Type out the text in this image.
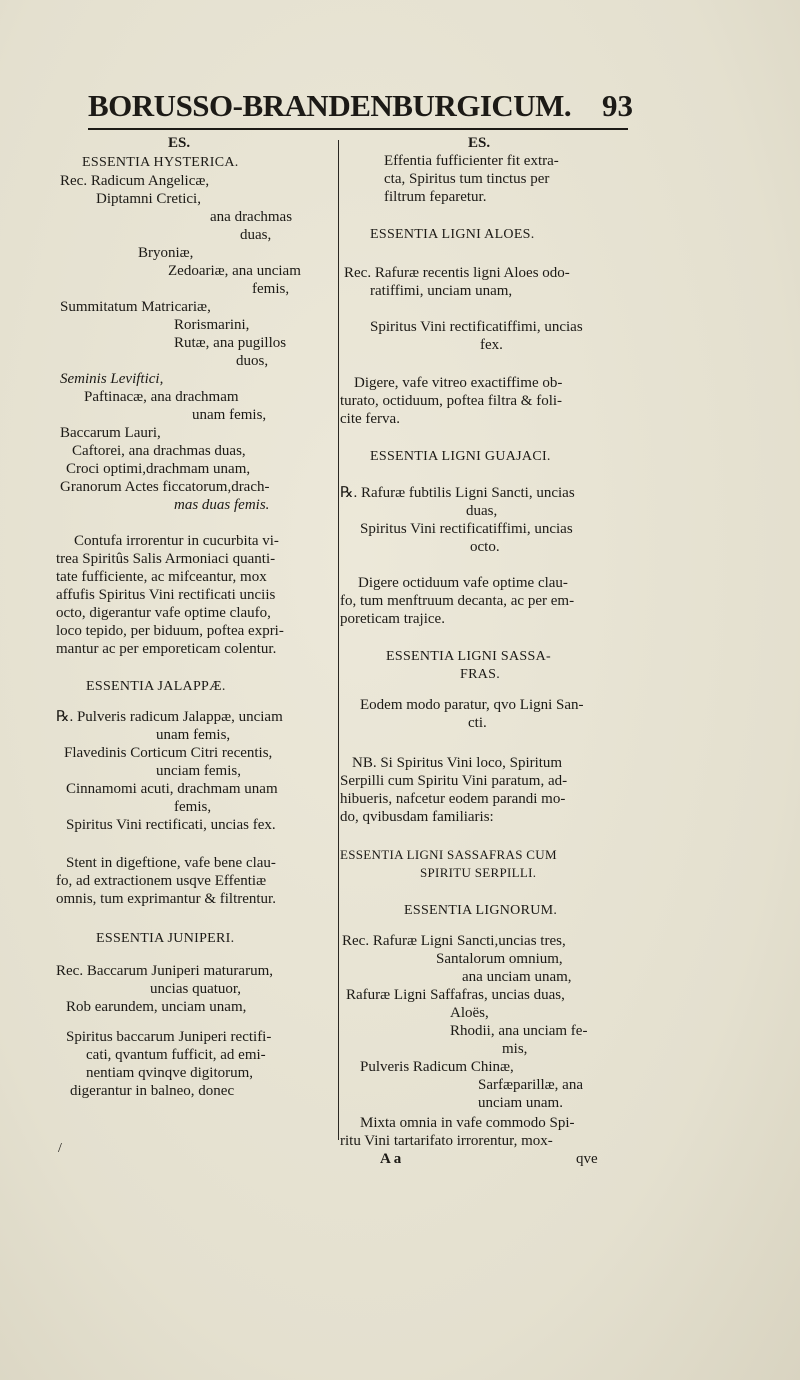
BORUSSO-BRANDENBURGICUM. 93
ES.
ESSENTIA HYSTERICA.
Rec. Radicum Angelicæ,
Diptamni Cretici,
ana drachmas
duas,
Bryoniæ,
Zedoariæ, ana unciam
femis,
Summitatum Matricariæ,
Rorismarini,
Rutæ, ana pugillos
duos,
Seminis Leviftici,
Paftinacæ, ana drachmam
unam femis,
Baccarum Lauri,
Caftorei, ana drachmas duas,
Croci optimi,drachmam unam,
Granorum Actes ficcatorum,drach-
mas duas femis.
Contufa irrorentur in cucurbita vi-
trea Spiritûs Salis Armoniaci quanti-
tate fufficiente, ac mifceantur, mox
affufis Spiritus Vini rectificati unciis
octo, digerantur vafe optime claufo,
loco tepido, per biduum, poftea expri-
mantur ac per emporeticam colentur.
ESSENTIA JALAPPÆ.
℞. Pulveris radicum Jalappæ, unciam
unam femis,
Flavedinis Corticum Citri recentis,
unciam femis,
Cinnamomi acuti, drachmam unam
femis,
Spiritus Vini rectificati, uncias fex.
Stent in digeftione, vafe bene clau-
fo, ad extractionem usqve Effentiæ
omnis, tum exprimantur & filtrentur.
ESSENTIA JUNIPERI.
Rec. Baccarum Juniperi maturarum,
uncias quatuor,
Rob earundem, unciam unam,
Spiritus baccarum Juniperi rectifi-
cati, qvantum fufficit, ad emi-
nentiam qvinqve digitorum,
digerantur in balneo, donec
ES.
Effentia fufficienter fit extra-
cta, Spiritus tum tinctus per
filtrum feparetur.
ESSENTIA LIGNI ALOES.
Rec. Rafuræ recentis ligni Aloes odo-
ratiffimi, unciam unam,
Spiritus Vini rectificatiffimi, uncias
fex.
Digere, vafe vitreo exactiffime ob-
turato, octiduum, poftea filtra & foli-
cite ferva.
ESSENTIA LIGNI GUAJACI.
℞. Rafuræ fubtilis Ligni Sancti, uncias
duas,
Spiritus Vini rectificatiffimi, uncias
octo.
Digere octiduum vafe optime clau-
fo, tum menftruum decanta, ac per em-
poreticam trajice.
ESSENTIA LIGNI SASSA-
FRAS.
Eodem modo paratur, qvo Ligni San-
cti.
NB. Si Spiritus Vini loco, Spiritum
Serpilli cum Spiritu Vini paratum, ad-
hibueris, nafcetur eodem parandi mo-
do, qvibusdam familiaris:
ESSENTIA LIGNI SASSAFRAS CUM
SPIRITU SERPILLI.
ESSENTIA LIGNORUM.
Rec. Rafuræ Ligni Sancti,uncias tres,
Santalorum omnium,
ana unciam unam,
Rafuræ Ligni Saffafras, uncias duas,
Aloës,
Rhodii, ana unciam fe-
mis,
Pulveris Radicum Chinæ,
Sarfæparillæ, ana
unciam unam.
Mixta omnia in vafe commodo Spi-
ritu Vini tartarifato irrorentur, mox-
A a	qve
/
